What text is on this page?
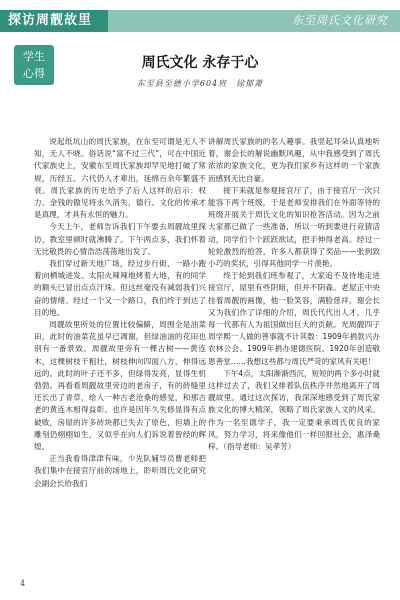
探访周靓故里	东至周氏文化研究
学生
心得
周氏文化 永存于心
东至县至德小学604班　徐郁萧

说起纸坑山的周氏家族，在东至可谓是无人不知，无人不晓。俗话说“富不过三代”，可在中国近代家族史上，安徽东至周氏家族却罕见地打破了常规，历经五、六代仍人才辈出，延绵百余年繁盛不衰。周氏家族的历史给予了后人这样的启示：权力、金钱的傲见将永久消失，德行、文化的传承才是真理，才具有永恒的魅力。

今天上午，老师告诉我们下午要去周靓故里探访，教室里顿时就沸腾了。下午两点多，我们怀着无比敬畏的心情浩浩荡荡地出发了。

我们穿过新天地广场，经过步行街，一路小跑着向栖城进发。太阳火辣辣地烤着大地，有的同学的额头已冒出点点汗珠。但这丝毫没有减弱我们兴奋的情绪。经过一个又一个路口，我们终于到达了目的地。

周靓故里所处的位置比较偏僻，周围全是油菜田，此时的油菜花虽早已凋谢，但绿油油的花田也别有一番景致。周靓故里旁有一棵古树——黄连木，这棵树枝干粗壮，树枝伸向四面八方，伸得远远的。此时的叶子还不多，但绿得发亮，显得生机勃勃。再看看周靓故里旁边的老房子，有的砖缝里还长出了青草，给人一种古老沧桑的感觉，和那古老的黄连木相得益彰。也许是因年久失修显得有点破败，房屋的许多砖块都已失去了原色，但墙上的雕刻仍栩栩如生，又似乎在向人们诉说着曾经的辉煌。

正当我看得津津有味，少先队辅导员曹老师把我们集中在接官厅前的场地上，聆听周氏文化研究会副会长给我们

讲解周氏家族的的名人趣事。我竖起耳朵认真地听着，谢会长的解说幽默风趣，从中我感受到了周氏浓浓的家族文化，更为我们家乡有这样的一个家族而感到无比自豪。

接下来就是参观接官厅了，由于接官厅一次只能容下两个班级，于是老师安排我们在外面等待的班级开展关于周氏文化的知识抢答活动。因为之前大家都已做了一些准备，所以一听到要进行竞猜活动，同学们个个跃跃欲试，把手伸得老高。经过一轮轮激烈的抢答，许多人都获得了奖品——张到致小巧的奖状，引得其他同学一片羡艳。

终于轮到我们班参观了，大家追不及待地走进接官厅，屋里有些阴暗，但并不阴森。老屋正中央挂着周靓的画像，他一脸笑容，满脸慈祥。谢会长又为我们作了详细的介绍，周氏代代出人才，几乎每一代都有人为祖国做出巨大的贡献。光周靓四子周学熙一人做的善事就不计其数：1909年捐款兴办农林公会、1909年捐办建德医院、1920年创造敬恩善堂……我想这些都与周氏严苛的家风有关吧！

下午4点，太阳渐渐西沉，短短的两个多小时就这样过去了，我们又排着队伍秩序井然地离开了周靓故里。通过这次探访，我深深地感受到了周氏家族文化的博大精深，领略了周氏家族人文的风采。作为一名至德学子，我一定要秉承周氏优良的家风，努力学习，将来像他们一样回报社会、惠泽桑梓。（指导老师：吴孝芳）

4
